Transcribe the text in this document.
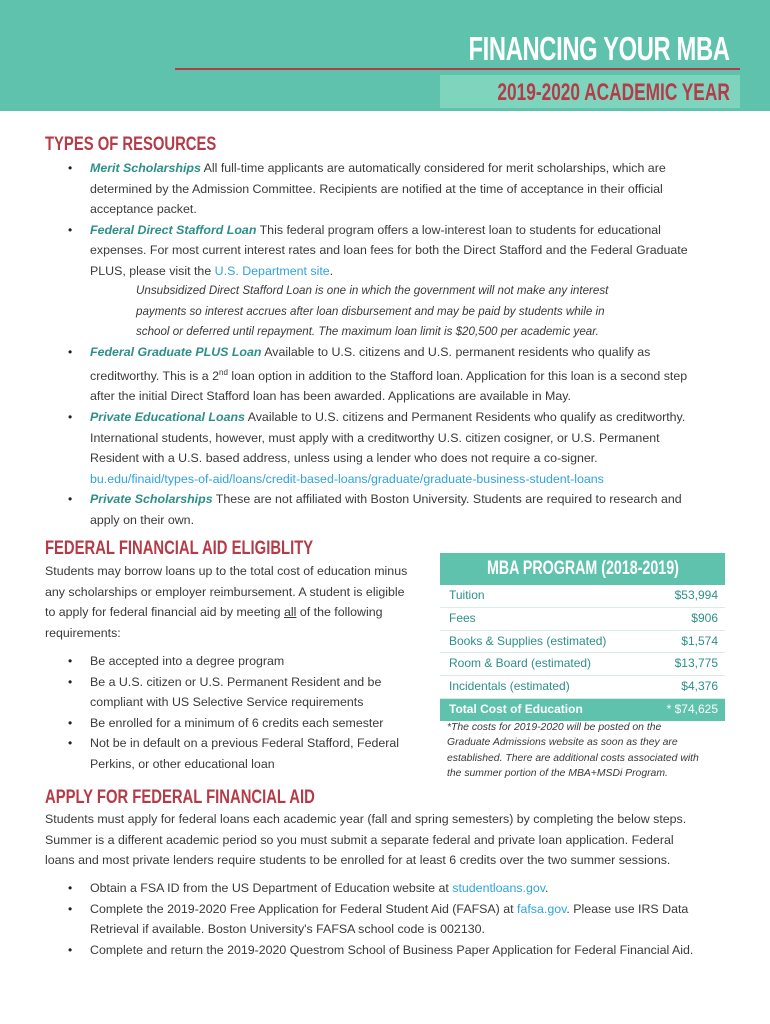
FINANCING YOUR MBA
2019-2020 ACADEMIC YEAR
TYPES OF RESOURCES
• Merit Scholarships All full-time applicants are automatically considered for merit scholarships, which are
determined by the Admission Committee. Recipients are notified at the time of acceptance in their official
acceptance packet.
• Federal Direct Stafford Loan This federal program offers a low-interest loan to students for educational
expenses. For most current interest rates and loan fees for both the Direct Stafford and the Federal Graduate
PLUS, please visit the U.S. Department site.

Unsubsidized Direct Stafford Loan is one in which the government will not make any interest
payments so interest accrues after loan disbursement and may be paid by students while in
school or deferred until repayment. The maximum loan limit is $20,500 per academic year.

• Federal Graduate PLUS Loan Available to U.S. citizens and U.S. permanent residents who qualify as
creditworthy. This is a 2nd loan option in addition to the Stafford loan. Application for this loan is a second step
after the initial Direct Stafford loan has been awarded. Applications are available in May.
• Private Educational Loans Available to U.S. citizens and Permanent Residents who qualify as creditworthy.
International students, however, must apply with a creditworthy U.S. citizen cosigner, or U.S. Permanent
Resident with a U.S. based address, unless using a lender who does not require a co-signer.
bu.edu/finaid/types-of-aid/loans/credit-based-loans/graduate/graduate-business-student-loans
• Private Scholarships These are not affiliated with Boston University. Students are required to research and
apply on their own.
FEDERAL FINANCIAL AID ELIGIBLITY

Students may borrow loans up to the total cost of education minus
any scholarships or employer reimbursement. A student is eligible
to apply for federal financial aid by meeting all of the following
requirements:

• Be accepted into a degree program
• Be a U.S. citizen or U.S. Permanent Resident and be
compliant with US Selective Service requirements
• Be enrolled for a minimum of 6 credits each semester
• Not be in default on a previous Federal Stafford, Federal
Perkins, or other educational loan

MBA PROGRAM (2018-2019)

Tuition	$53,994
Fees	$906
Books & Supplies (estimated)	$1,574
Room & Board (estimated)	$13,775
Incidentals (estimated)	$4,376
Total Cost of Education	* $74,625

*The costs for 2019-2020 will be posted on the
Graduate Admissions website as soon as they are
established. There are additional costs associated with
the summer portion of the MBA+MSDi Program.

APPLY FOR FEDERAL FINANCIAL AID

Students must apply for federal loans each academic year (fall and spring semesters) by completing the below steps.
Summer is a different academic period so you must submit a separate federal and private loan application. Federal
loans and most private lenders require students to be enrolled for at least 6 credits over the two summer sessions.

• Obtain a FSA ID from the US Department of Education website at studentloans.gov.
• Complete the 2019-2020 Free Application for Federal Student Aid (FAFSA) at fafsa.gov. Please use IRS Data
Retrieval if available. Boston University's FAFSA school code is 002130.
• Complete and return the 2019-2020 Questrom School of Business Paper Application for Federal Financial Aid.
